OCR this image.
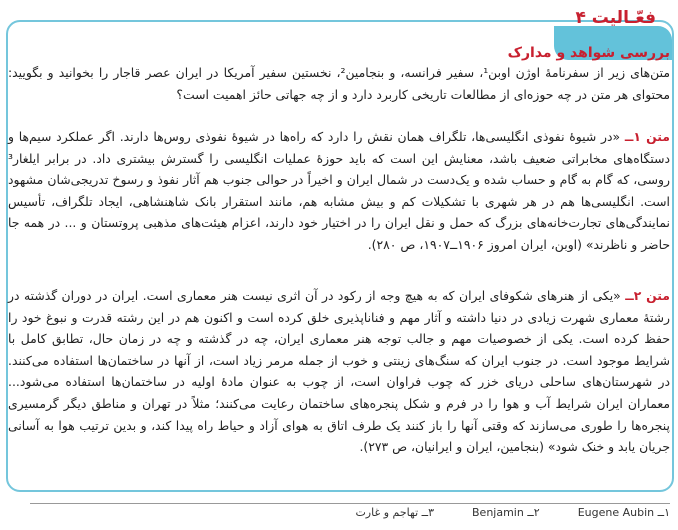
فعّـالیت ۴
بررسی شواهد و مدارک
متن‌های زیر از سفرنامۀ اوژن اوبن¹، سفیر فرانسه، و بنجامین²، نخستین سفیر آمریکا در ایران عصر قاجار را بخوانید و بگویید: محتوای هر متن در چه حوزه‌ای از مطالعات تاریخی کاربرد دارد و از چه جهاتی حائز اهمیت است؟
متن ۱ــ «در شیوۀ نفوذی انگلیسی‌ها، تلگراف همان نقش را دارد که راه‌ها در شیوۀ نفوذی روس‌ها دارند. اگر عملکرد سیم‌ها و دستگاه‌های مخابراتی ضعیف باشد، معنایش این است که باید حوزۀ عملیات انگلیسی را گسترش بیشتری داد. در برابر ایلغار³ روسی، که گام به گام و حساب شده و یک‌دست در شمال ایران و اخیراً در حوالی جنوب هم آثار نفوذ و رسوخ تدریجی‌شان مشهود است. انگلیسی‌ها هم در هر شهری با تشکیلات کم و بیش مشابه هم، مانند استقرار بانک شاهنشاهی، ایجاد تلگراف، تأسیس نمایندگی‌های تجارت‌خانه‌های بزرگ که حمل و نقل ایران را در اختیار خود دارند، اعزام هیئت‌های مذهبی پروتستان و ... در همه جا حاضر و ناظرند» (اوبن، ایران امروز ۱۹۰۶ــ۱۹۰۷، ص ۲۸۰).
متن ۲ــ «یکی از هنرهای شکوفای ایران که به هیچ وجه از رکود در آن اثری نیست هنر معماری است. ایران در دوران گذشته در رشتۀ معماری شهرت زیادی در دنیا داشته و آثار مهم و فناناپذیری خلق کرده است و اکنون هم در این رشته قدرت و نبوغ خود را حفظ کرده است. یکی از خصوصیات مهم و جالب توجه هنر معماری ایران، چه در گذشته و چه در زمان حال، تطابق کامل با شرایط موجود است. در جنوب ایران که سنگ‌های زینتی و خوب از جمله مرمر زیاد است، از آنها در ساختمان‌ها استفاده می‌کنند. در شهرستان‌های ساحلی دریای خزر که چوب فراوان است، از چوب به عنوان مادۀ اولیه در ساختمان‌ها استفاده می‌شود... معماران ایران شرایط آب و هوا را در فرم و شکل پنجره‌های ساختمان رعایت می‌کنند؛ مثلاً در تهران و مناطق دیگر گرمسیری پنجره‌ها را طوری می‌سازند که وقتی آنها را باز کنند یک طرف اتاق به هوای آزاد و حیاط راه پیدا کند، و بدین ترتیب هوا به آسانی جریان یابد و خنک شود» (بنجامین، ایران و ایرانیان، ص ۲۷۳).
۳ــ تهاجم و غارت	۲ــ Benjamin	۱ــ Eugene Aubin
